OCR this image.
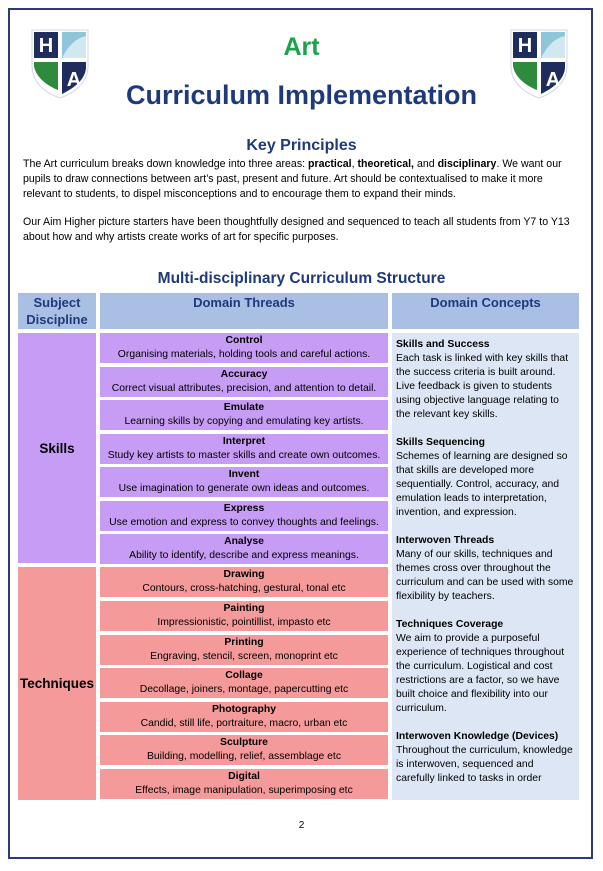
H
A
H
A
Art
Curriculum Implementation
Key Principles
The Art curriculum breaks down knowledge into three areas: practical, theoretical, and disciplinary. We want our pupils to draw connections between art’s past, present and future. Art should be contextualised to make it more relevant to students, to dispel misconceptions and to encourage them to expand their minds.
Our Aim Higher picture starters have been thoughtfully designed and sequenced to teach all students from Y7 to Y13 about how and why artists create works of art for specific purposes.
Multi-disciplinary Curriculum Structure
Subject
Discipline
Domain Threads	Domain Concepts
Skills
Techniques
Control
Organising materials, holding tools and careful actions.
Accuracy
Correct visual attributes, precision, and attention to detail.
Emulate
Learning skills by copying and emulating key artists.
Interpret
Study key artists to master skills and create own outcomes.
Invent
Use imagination to generate own ideas and outcomes.
Express
Use emotion and express to convey thoughts and feelings.
Analyse
Ability to identify, describe and express meanings.
Drawing
Contours, cross-hatching, gestural, tonal etc
Painting
Impressionistic, pointillist, impasto etc
Printing
Engraving, stencil, screen, monoprint etc
Collage
Decollage, joiners, montage, papercutting etc
Photography
Candid, still life, portraiture, macro, urban etc
Sculpture
Building, modelling, relief, assemblage etc
Digital
Effects, image manipulation, superimposing etc
Skills and Success
Each task is linked with key skills that the success criteria is built around. Live feedback is given to students using objective language relating to the relevant key skills.
Skills Sequencing
Schemes of learning are designed so that skills are developed more sequentially. Control, accuracy, and emulation leads to interpretation, invention, and expression.
Interwoven Threads
Many of our skills, techniques and themes cross over throughout the curriculum and can be used with some flexibility by teachers.
Techniques Coverage
We aim to provide a purposeful experience of techniques throughout the curriculum. Logistical and cost restrictions are a factor, so we have built choice and flexibility into our curriculum.
Interwoven Knowledge (Devices)
Throughout the curriculum, knowledge is interwoven, sequenced and carefully linked to tasks in order
2
